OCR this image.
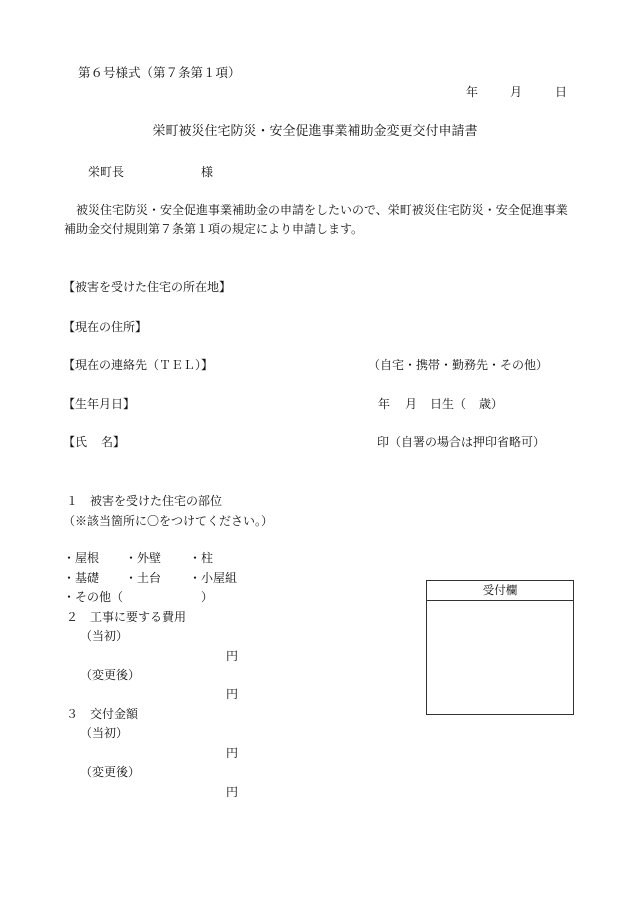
第６号様式（第７条第１項）
年	月	日
栄町被災住宅防災・安全促進事業補助金変更交付申請書
栄町長	様
被災住宅防災・安全促進事業補助金の申請をしたいので、栄町被災住宅防災・安全促進事業補助金交付規則第７条第１項の規定により申請します。
【被害を受けた住宅の所在地】
【現在の住所】
【現在の連絡先（ＴＥＬ）】	（自宅・携帯・勤務先・その他）
【生年月日】	年 月 日生（ 歳）
【氏 名】	印（自署の場合は押印省略可）
１　被害を受けた住宅の部位
（※該当箇所に〇をつけてください。）
・屋根 ・外壁 ・柱
・基礎 ・土台 ・小屋組
・その他（	）
２　工事に要する費用
（当初）
円
（変更後）
円
３　交付金額
（当初）
円
（変更後）
円
受付欄
